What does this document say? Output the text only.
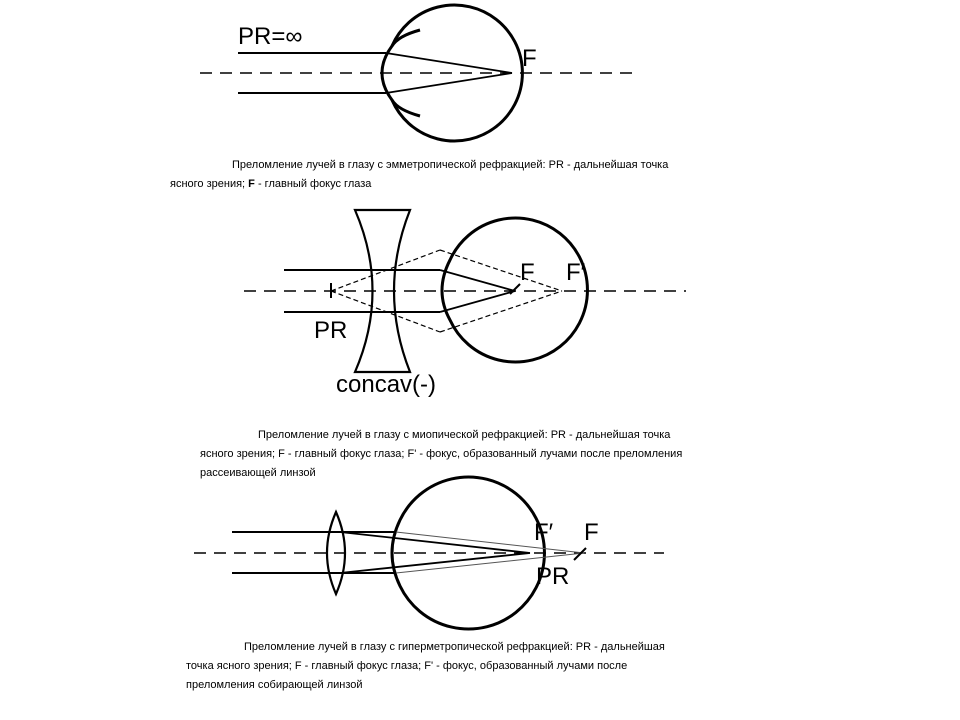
PR=∞
F
F F′
PR
concav(-)
F′ F
PR
Преломление лучей в глазу с эмметропической рефракцией: PR - дальнейшая точка
ясного зрения; F - главный фокус глаза
Преломление лучей в глазу с миопической рефракцией: PR - дальнейшая точка
ясного зрения; F - главный фокус глаза; F' - фокус, образованный лучами после преломления
рассеивающей линзой
Преломление лучей в глазу с гиперметропической рефракцией: PR - дальнейшая
точка ясного зрения; F - главный фокус глаза; F' - фокус, образованный лучами после
преломления собирающей линзой
